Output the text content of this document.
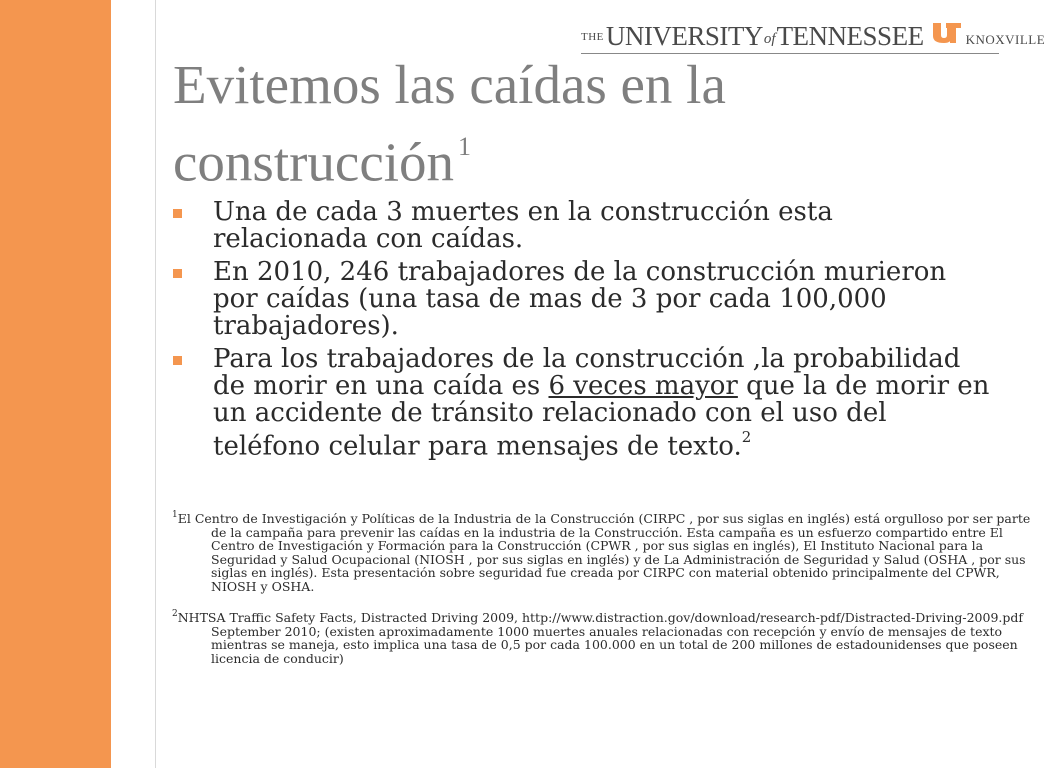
THE UNIVERSITY of TENNESSEE	KNOXVILLE
Evitemos las caídas en la construcción $^1$
Una de cada 3 muertes en la construcción esta relacionada con caídas.
En 2010, 246 trabajadores de la construcción murieron por caídas (una tasa de mas de 3 por cada 100,000 trabajadores).
Para los trabajadores de la construcción ,la probabilidad de morir en una caída es 6 veces mayor que la de morir en un accidente de tránsito relacionado con el uso del teléfono celular para mensajes de texto.$^2$
$^1$El Centro de Investigación y Políticas de la Industria de la Construcción (CIRPC , por sus siglas en inglés) está orgulloso por ser parte de la campaña para prevenir las caídas en la industria de la Construcción. Esta campaña es un esfuerzo compartido entre El Centro de Investigación y Formación para la Construcción (CPWR , por sus siglas en inglés), El Instituto Nacional para la Seguridad y Salud Ocupacional (NIOSH , por sus siglas en inglés) y de La Administración de Seguridad y Salud (OSHA , por sus siglas en inglés). Esta presentación sobre seguridad fue creada por CIRPC con material obtenido principalmente del CPWR, NIOSH y OSHA.
$^2$NHTSA Traffic Safety Facts, Distracted Driving 2009, http://www.distraction.gov/download/research-pdf/Distracted-Driving-2009.pdf September 2010; (existen aproximadamente 1000 muertes anuales relacionadas con recepción y envío de mensajes de texto mientras se maneja, esto implica una tasa de 0,5 por cada 100.000 en un total de 200 millones de estadounidenses que poseen licencia de conducir)
